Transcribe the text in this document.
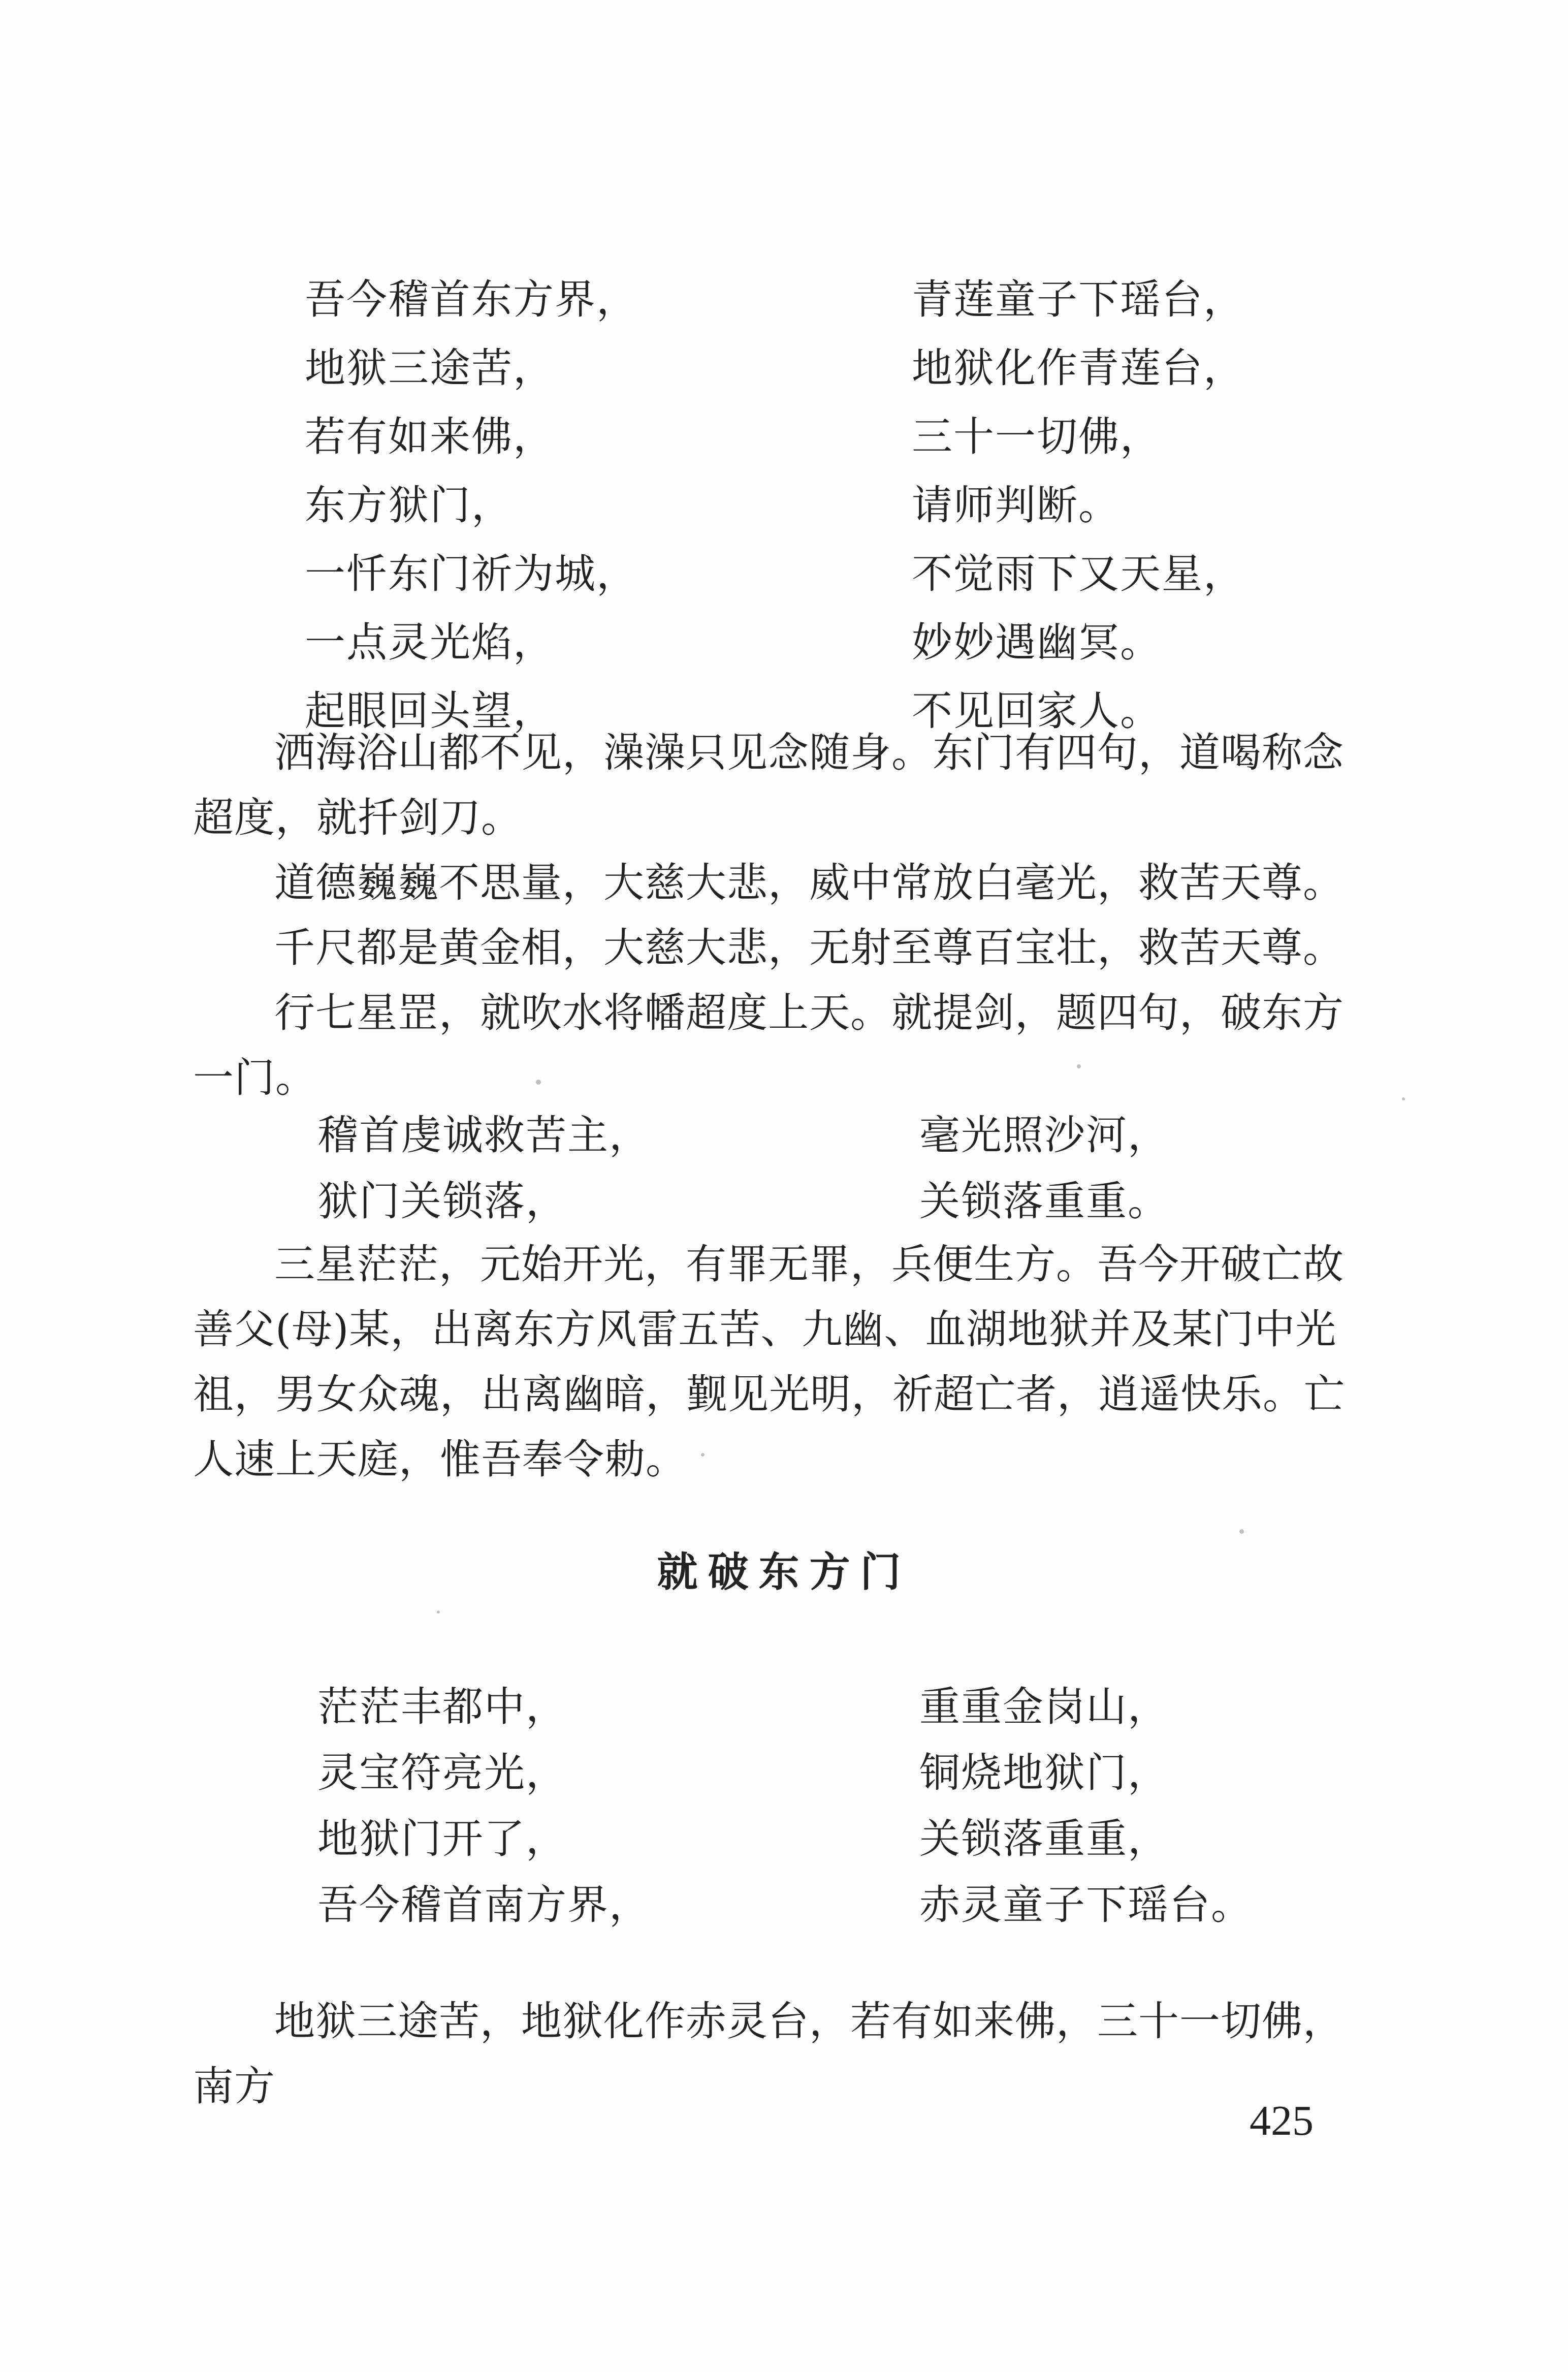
吾今稽首东方界，	青莲童子下瑶台，
地狱三途苦，	地狱化作青莲台，
若有如来佛，	三十一切佛，
东方狱门，	请师判断。
一忏东门祈为城，	不觉雨下又天星，
一点灵光焰，	妙妙遇幽冥。
起眼回头望，	不见回家人。

洒海浴山都不见，澡澡只见念随身。东门有四句，道喝称念超度，就扦剑刀。

道德巍巍不思量，大慈大悲，威中常放白毫光，救苦天尊。

千尺都是黄金相，大慈大悲，无射至尊百宝壮，救苦天尊。

行七星罡，就吹水将幡超度上天。就提剑，题四句，破东方一门。

稽首虔诚救苦主，	毫光照沙河，
狱门关锁落，	关锁落重重。

三星茫茫，元始开光，有罪无罪，兵便生方。吾今开破亡故善父(母)某，出离东方风雷五苦、九幽、血湖地狱并及某门中光祖，男女众魂，出离幽暗，觐见光明，祈超亡者，逍遥快乐。亡人速上天庭，惟吾奉令勅。

就破东方门
茫茫丰都中，	重重金岗山，
灵宝符亮光，	铜烧地狱门，
地狱门开了，	关锁落重重，
吾今稽首南方界，	赤灵童子下瑶台。

地狱三途苦，地狱化作赤灵台，若有如来佛，三十一切佛，南方

425
